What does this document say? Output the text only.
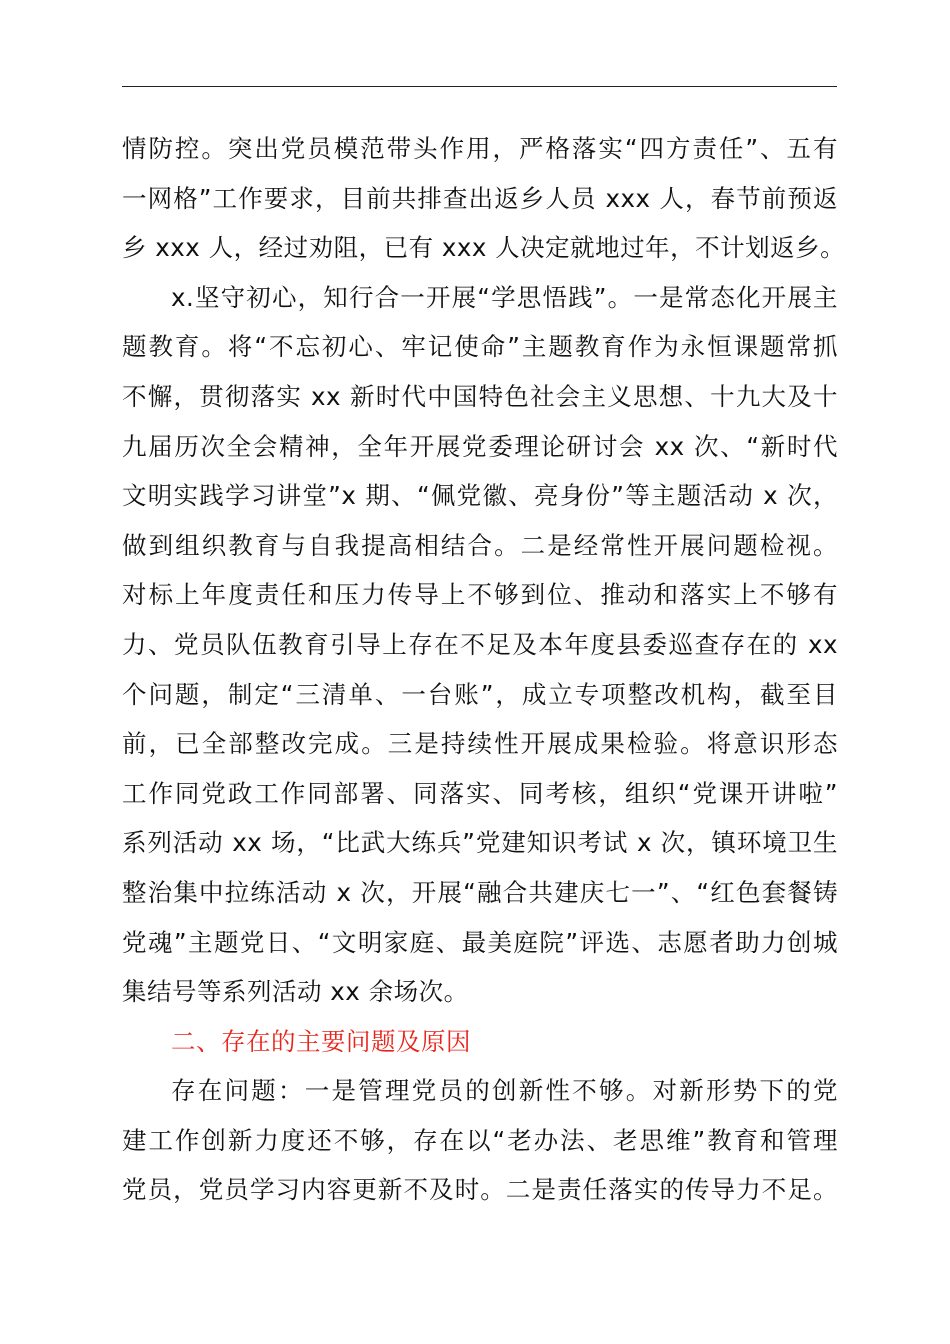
情防控。突出党员模范带头作用，严格落实“四方责任”、五有
一网格”工作要求，目前共排查出返乡人员 xxx 人，春节前预返
乡 xxx 人，经过劝阻，已有 xxx 人决定就地过年，不计划返乡。
x.坚守初心，知行合一开展“学思悟践”。一是常态化开展主
题教育。将“不忘初心、牢记使命”主题教育作为永恒课题常抓
不懈，贯彻落实 xx 新时代中国特色社会主义思想、十九大及十
九届历次全会精神，全年开展党委理论研讨会 xx 次、“新时代
文明实践学习讲堂”x 期、“佩党徽、亮身份”等主题活动 x 次，
做到组织教育与自我提高相结合。二是经常性开展问题检视。
对标上年度责任和压力传导上不够到位、推动和落实上不够有
力、党员队伍教育引导上存在不足及本年度县委巡查存在的 xx
个问题，制定“三清单、一台账”，成立专项整改机构，截至目
前，已全部整改完成。三是持续性开展成果检验。将意识形态
工作同党政工作同部署、同落实、同考核，组织“党课开讲啦”
系列活动 xx 场，“比武大练兵”党建知识考试 x 次，镇环境卫生
整治集中拉练活动 x 次，开展“融合共建庆七一”、“红色套餐铸
党魂”主题党日、“文明家庭、最美庭院”评选、志愿者助力创城
集结号等系列活动 xx 余场次。
二、存在的主要问题及原因
存在问题：一是管理党员的创新性不够。对新形势下的党
建工作创新力度还不够，存在以“老办法、老思维”教育和管理
党员，党员学习内容更新不及时。二是责任落实的传导力不足。
